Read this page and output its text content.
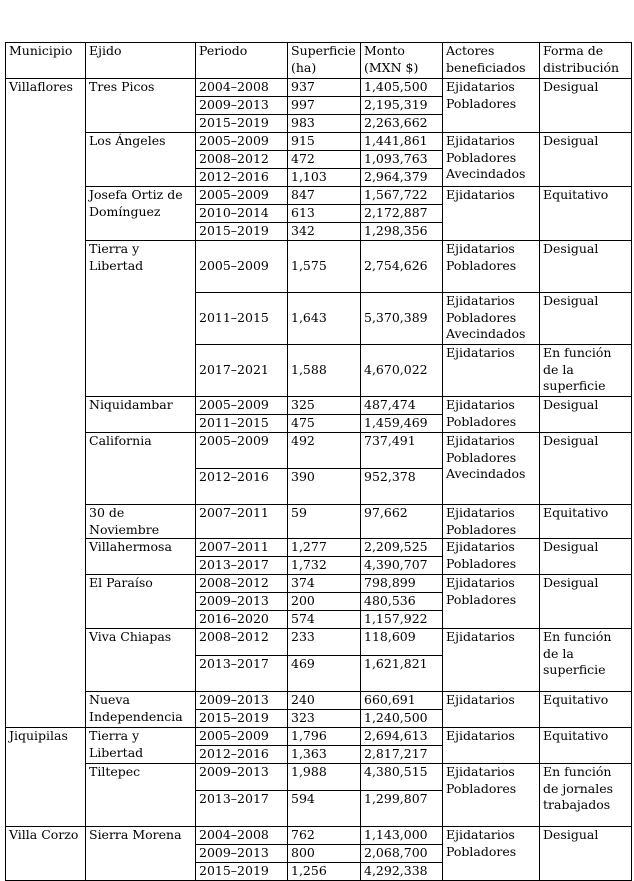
Municipio	Ejido	Periodo	Superficie (ha)	Monto (MXN $)	Actores beneficiados	Forma de distribución
Villaflores	Tres Picos	2004–2008	937	1,405,500	Ejidatarios Pobladores	Desigual
		2009–2013	997	2,195,319		
		2015–2019	983	2,263,662		
	Los Ángeles	2005–2009	915	1,441,861	Ejidatarios Pobladores Avecindados	Desigual
		2008–2012	472	1,093,763		
		2012–2016	1,103	2,964,379		
	Josefa Ortiz de Domínguez	2005–2009	847	1,567,722	Ejidatarios	Equitativo
		2010–2014	613	2,172,887		
		2015–2019	342	1,298,356		
	Tierra y Libertad	2005–2009	1,575	2,754,626	Ejidatarios Pobladores	Desigual
		2011–2015	1,643	5,370,389	Ejidatarios Pobladores Avecindados	Desigual
		2017–2021	1,588	4,670,022	Ejidatarios	En función de la superficie
	Niquidambar	2005–2009	325	487,474	Ejidatarios Pobladores	Desigual
		2011–2015	475	1,459,469		
	California	2005–2009	492	737,491	Ejidatarios Pobladores Avecindados	Desigual
		2012–2016	390	952,378		
	30 de Noviembre	2007–2011	59	97,662	Ejidatarios Pobladores	Equitativo
	Villahermosa	2007–2011	1,277	2,209,525	Ejidatarios Pobladores	Desigual
		2013–2017	1,732	4,390,707		
	El Paraíso	2008–2012	374	798,899	Ejidatarios Pobladores	Desigual
		2009–2013	200	480,536		
		2016–2020	574	1,157,922		
	Viva Chiapas	2008–2012	233	118,609	Ejidatarios	En función de la superficie
		2013–2017	469	1,621,821		
	Nueva Independencia	2009–2013	240	660,691	Ejidatarios	Equitativo
		2015–2019	323	1,240,500		
Jiquipilas	Tierra y Libertad	2005–2009	1,796	2,694,613	Ejidatarios	Equitativo
		2012–2016	1,363	2,817,217		
	Tiltepec	2009–2013	1,988	4,380,515	Ejidatarios Pobladores	En función de jornales trabajados
		2013–2017	594	1,299,807		
Villa Corzo	Sierra Morena	2004–2008	762	1,143,000	Ejidatarios Pobladores	Desigual
		2009–2013	800	2,068,700		
		2015–2019	1,256	4,292,338		
